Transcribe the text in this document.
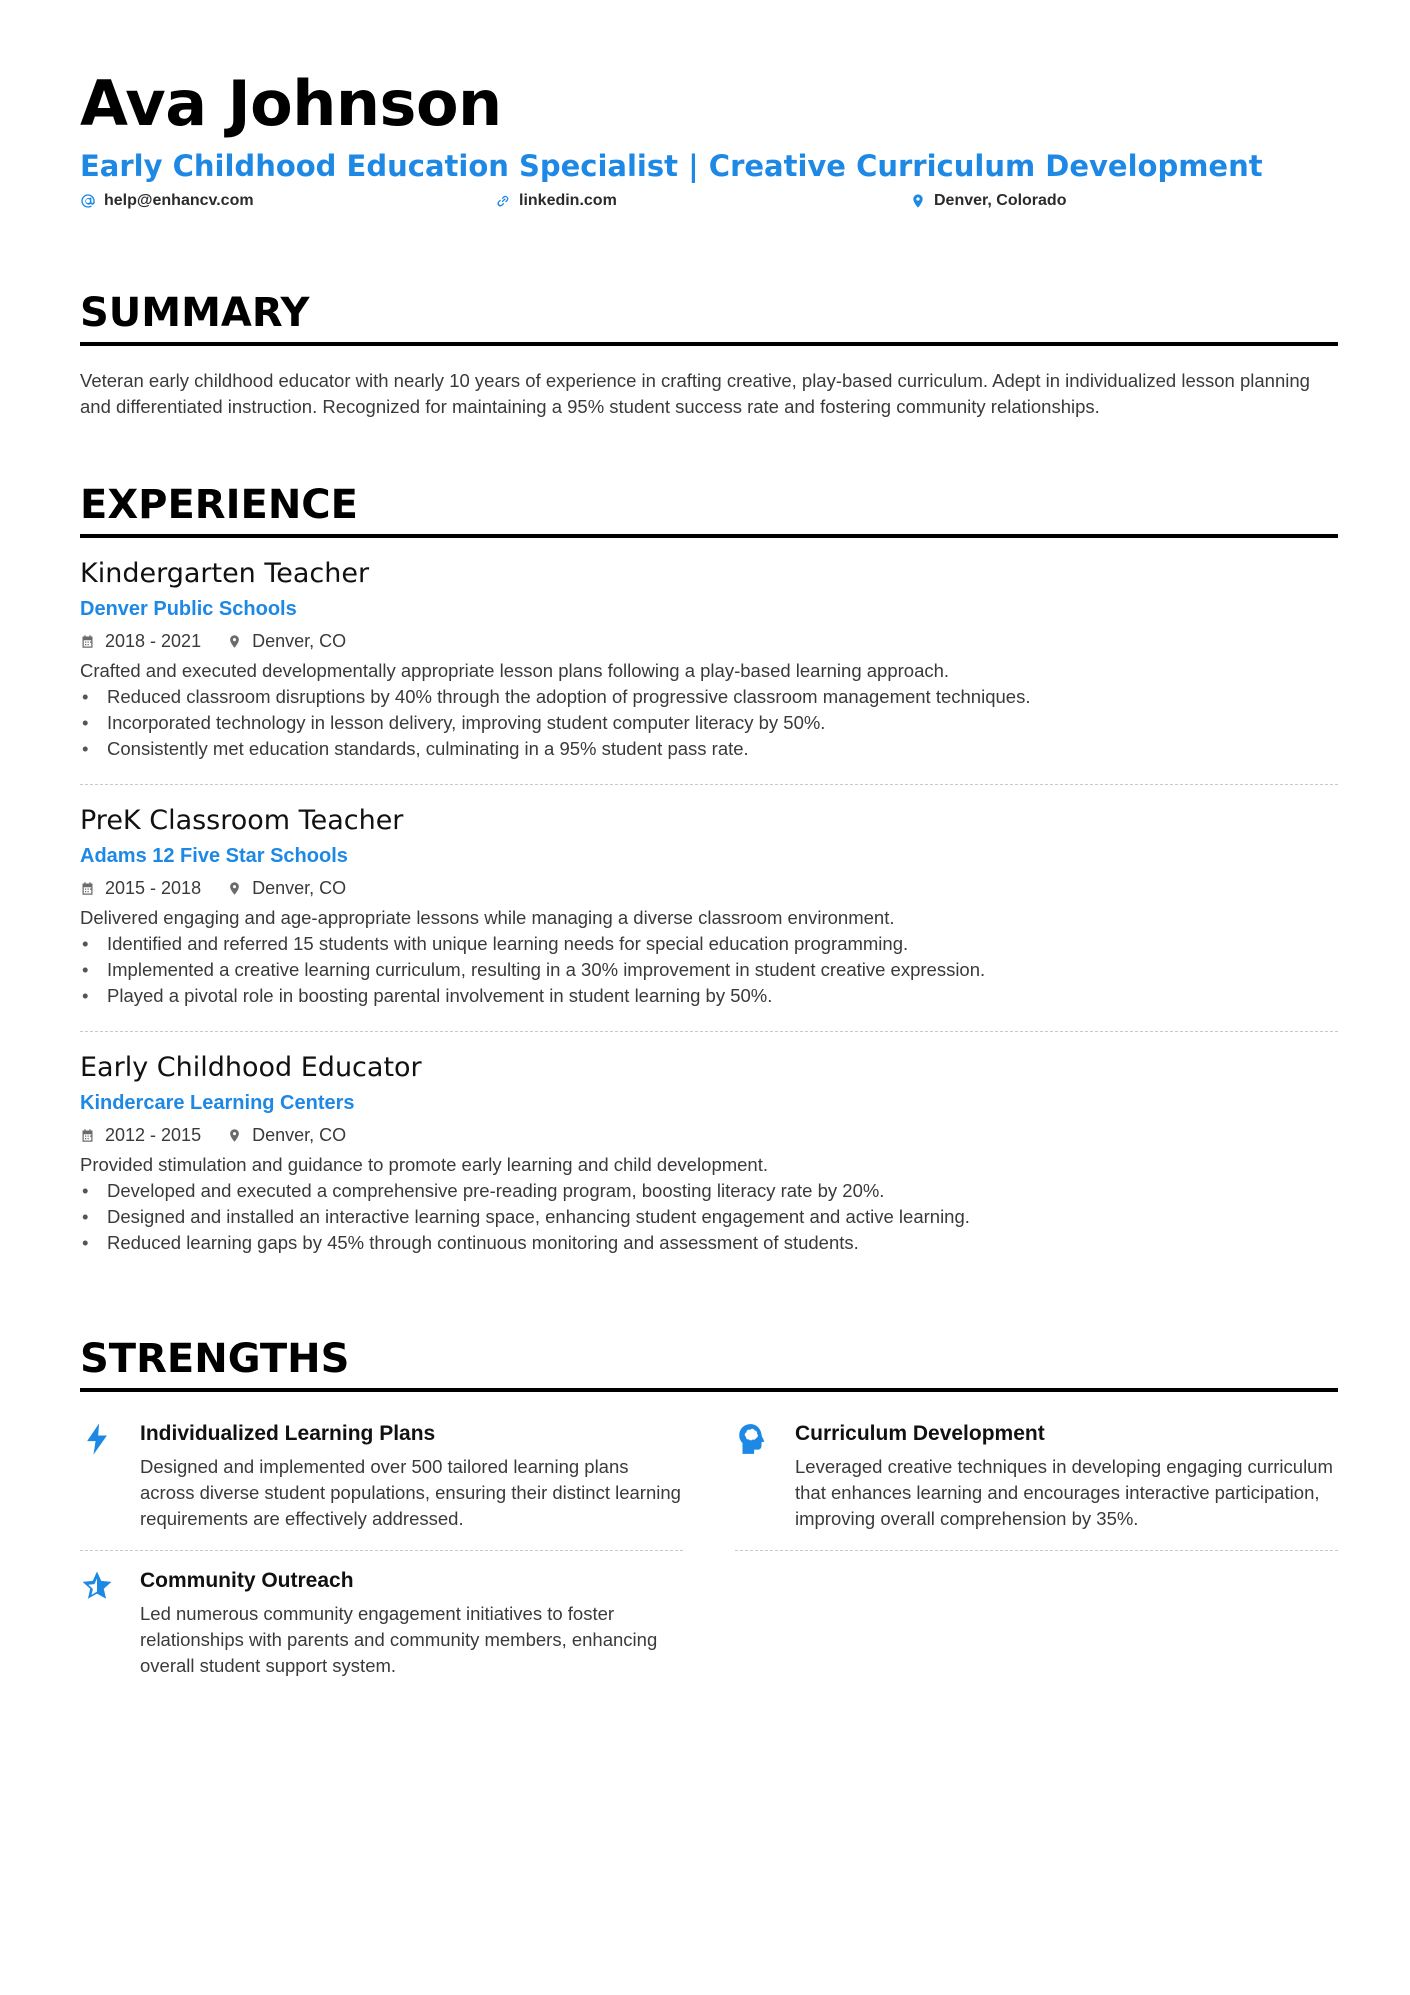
Ava Johnson
Early Childhood Education Specialist | Creative Curriculum Development
help@enhancv.com	linkedin.com	Denver, Colorado
SUMMARY
Veteran early childhood educator with nearly 10 years of experience in crafting creative, play-based curriculum. Adept in individualized lesson planning and differentiated instruction. Recognized for maintaining a 95% student success rate and fostering community relationships.
EXPERIENCE
Kindergarten Teacher
Denver Public Schools
2018 - 2021	Denver, CO
Crafted and executed developmentally appropriate lesson plans following a play-based learning approach.
• Reduced classroom disruptions by 40% through the adoption of progressive classroom management techniques.
• Incorporated technology in lesson delivery, improving student computer literacy by 50%.
• Consistently met education standards, culminating in a 95% student pass rate.
PreK Classroom Teacher
Adams 12 Five Star Schools
2015 - 2018	Denver, CO
Delivered engaging and age-appropriate lessons while managing a diverse classroom environment.
• Identified and referred 15 students with unique learning needs for special education programming.
• Implemented a creative learning curriculum, resulting in a 30% improvement in student creative expression.
• Played a pivotal role in boosting parental involvement in student learning by 50%.
Early Childhood Educator
Kindercare Learning Centers
2012 - 2015	Denver, CO
Provided stimulation and guidance to promote early learning and child development.
• Developed and executed a comprehensive pre-reading program, boosting literacy rate by 20%.
• Designed and installed an interactive learning space, enhancing student engagement and active learning.
• Reduced learning gaps by 45% through continuous monitoring and assessment of students.
STRENGTHS
Individualized Learning Plans
Designed and implemented over 500 tailored learning plans across diverse student populations, ensuring their distinct learning requirements are effectively addressed.
Curriculum Development
Leveraged creative techniques in developing engaging curriculum that enhances learning and encourages interactive participation, improving overall comprehension by 35%.
Community Outreach
Led numerous community engagement initiatives to foster relationships with parents and community members, enhancing overall student support system.
